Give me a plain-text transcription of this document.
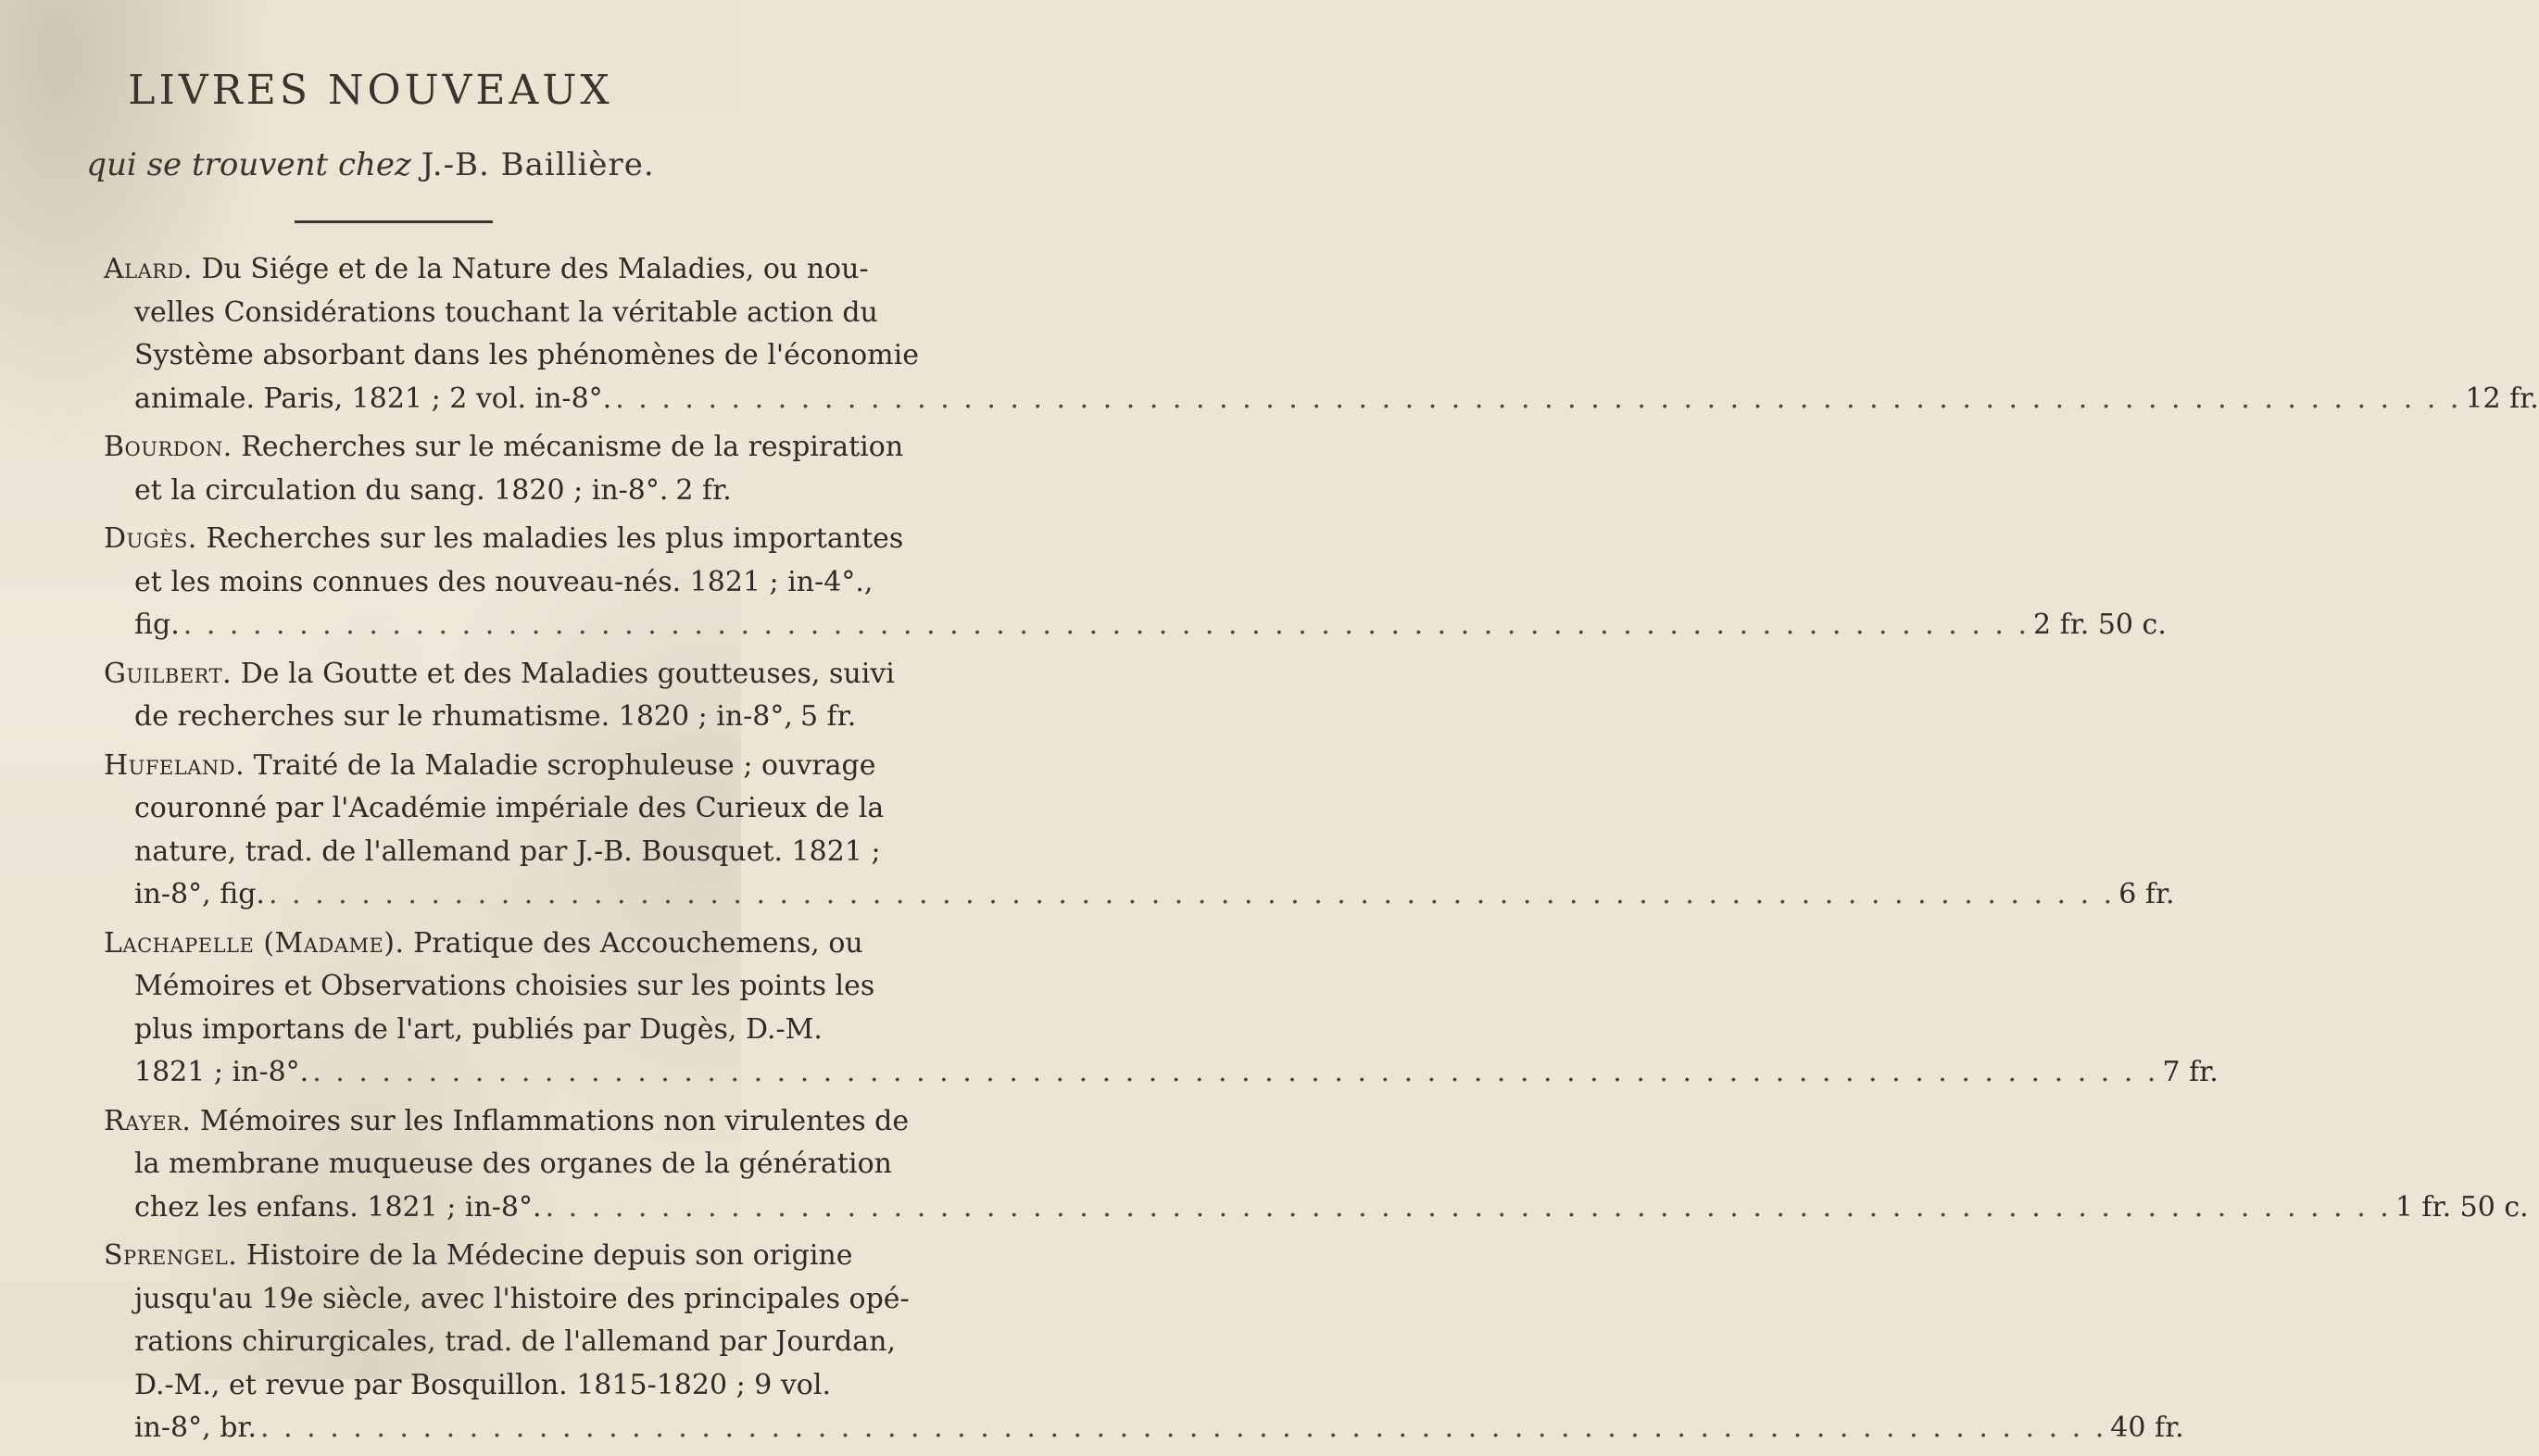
LIVRES NOUVEAUX
qui se trouvent chez J.-B. Baillière.
Alard. Du Siége et de la Nature des Maladies, ou nou-
velles Considérations touchant la véritable action du
Système absorbant dans les phénomènes de l'économie
animale. Paris, 1821 ; 2 vol. in-8°. . . .	12 fr.
Bourdon. Recherches sur le mécanisme de la respiration
et la circulation du sang. 1820 ; in-8°. 2 fr.
Dugès. Recherches sur les maladies les plus importantes
et les moins connues des nouveau-nés. 1821 ; in-4°.,
fig. . . .	2 fr. 50 c.
Guilbert. De la Goutte et des Maladies goutteuses, suivi
de recherches sur le rhumatisme. 1820 ; in-8°, 5 fr.
Hufeland. Traité de la Maladie scrophuleuse ; ouvrage
couronné par l'Académie impériale des Curieux de la
nature, trad. de l'allemand par J.-B. Bousquet. 1821 ;
in-8°, fig. . . .	6 fr.
Lachapelle (Madame). Pratique des Accouchemens, ou
Mémoires et Observations choisies sur les points les
plus importans de l'art, publiés par Dugès, D.-M.
1821 ; in-8°. . . .	7 fr.
Rayer. Mémoires sur les Inflammations non virulentes de
la membrane muqueuse des organes de la génération
chez les enfans. 1821 ; in-8°. . . .	1 fr. 50 c.
Sprengel. Histoire de la Médecine depuis son origine
jusqu'au 19e siècle, avec l'histoire des principales opé-
rations chirurgicales, trad. de l'allemand par Jourdan,
D.-M., et revue par Bosquillon. 1815-1820 ; 9 vol.
in-8°, br. . . .	40 fr.
